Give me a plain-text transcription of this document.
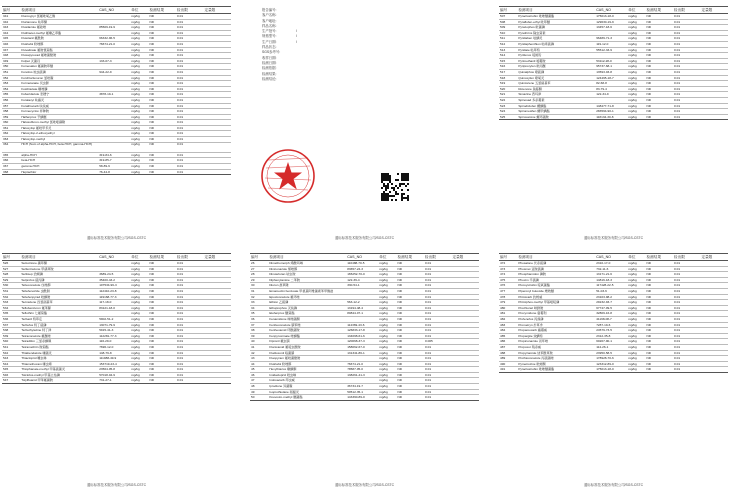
编号	检测项目	CAS_NO	单位	检测结果	检出限	定量限
341	Fluroxypyr 氯氟吡氧乙酸		mg/kg	ND	0.01	
342	Flurtamone 呋草酮		mg/kg	ND	0.01	
343	Flusilazole 氟硅唑	85509-19-9	mg/kg	ND	0.01	
344	Fluthiacet-methyl 氟噻乙草酯		mg/kg	ND	0.01	
345	Flutolanil 氟酰胺	66332-96-5	mg/kg	ND	0.01	
346	Flutriafol 粉唑醇	76674-21-0	mg/kg	ND	0.01	
347	Fluvalinate 氟胺氰菊酯		mg/kg	ND	0.01	
348	Fluxapyroxad 氟唑菌酰胺		mg/kg	ND	0.01	
349	Folpet 灭菌丹	133-07-3	mg/kg	ND	0.01	
350	Fomesafen 氟磺胺草醚		mg/kg	ND	0.01	
351	Fonofos 地虫硫磷	944-22-9	mg/kg	ND	0.01	
352	Forchlorfenuron 氯吡脲		mg/kg	ND	0.01	
353	Formetanate 伐虫脒		mg/kg	ND	0.01	
354	Fosthiazate 噻唑膦		mg/kg	ND	0.01	
355	Fuberidazole 麦穗宁	3878-19-1	mg/kg	ND	0.01	
356	Furalaxyl 呋霜灵		mg/kg	ND	0.01	
357	Furathiocarb 呋线威		mg/kg	ND	0.01	
358	Furmecyclox 拌种胺		mg/kg	ND	0.01	
359	Halfenprox 苄螨醚		mg/kg	ND	0.01	
360	Halosulfuron-methyl 氯吡嘧磺隆		mg/kg	ND	0.01	
361	Haloxyfop 氟吡甲禾灵		mg/kg	ND	0.01	
362	Haloxyfop-2-ethoxyethyl		mg/kg	ND	0.01	
363	Haloxyfop-methyl		mg/kg	ND	0.01	
364	HCH (Sum of alpha-HCH, beta-HCH, gamma-HCH)		mg/kg	ND	0.01	
365	alpha-HCH	319-84-6	mg/kg	ND	0.01	
366	beta-HCH	319-85-7	mg/kg	ND	0.01	
367	gamma-HCH	58-89-9	mg/kg	ND	0.01	
368	Heptachlor	76-44-8	mg/kg	ND	0.01	
通标标准技术服务有限公司/SGS-CSTC
报告编号:
客户名称:
客户地址:
样品名称:
生产批号:	/
规格型号:	/
生产日期:	/
样品状态:
SGS参考号:
收样日期:
检测日期:
检测依据:
检测结果:
检测结论:
通标标准技术服务有限公司/SGS-CSTC
编号	检测项目	CAS_NO	单位	检测结果	检出限	定量限
507	Pyraclostrobin 吡唑醚菌酯	175013-18-0	mg/kg	ND	0.01	
508	Pyraflufen-ethyl 吡草醚	129630-19-9	mg/kg	ND	0.01	
509	Pyrazophos 吡菌磷	13457-18-6	mg/kg	ND	0.01	
510	Pyrethrins 除虫菊素		mg/kg	ND	0.01	
511	Pyridaben 哒螨灵	96489-71-3	mg/kg	ND	0.01	
512	Pyridaphenthion 哒嗪硫磷	119-12-0	mg/kg	ND	0.01	
513	Pyridate 哒草特	55512-33-9	mg/kg	ND	0.01	
514	Pyrifenox 啶斑肟		mg/kg	ND	0.01	
515	Pyrimethanil 嘧霉胺	53112-28-0	mg/kg	ND	0.01	
516	Pyriproxyfen 吡丙醚	95737-68-1	mg/kg	ND	0.01	
517	Quinalphos 喹硫磷	13593-03-8	mg/kg	ND	0.01	
518	Quinoxyfen 喹氧灵	124495-18-7	mg/kg	ND	0.01	
519	Quintozene 五氯硝基苯	82-68-8	mg/kg	ND	0.01	
520	Rotenone 鱼藤酮	83-79-4	mg/kg	ND	0.01	
521	Simazine 西玛津	122-34-9	mg/kg	ND	0.01	
522	Spinosad 多杀霉素		mg/kg	ND	0.01	
523	Spirodiclofen 螺螨酯	148477-71-8	mg/kg	ND	0.01	
524	Spiromesifen 螺甲螨酯	283594-90-1	mg/kg	ND	0.01	
525	Spiroxamine 螺环菌胺	118134-30-8	mg/kg	ND	0.01	
通标标准技术服务有限公司/SGS-CSTC
编号	检测项目	CAS_NO	单位	检测结果	检出限	定量限
526	Sulcotrione 磺草酮		mg/kg	ND	0.01	
527	Sulfentrazone 甲磺草胺		mg/kg	ND	0.01	
528	Sulfotep 治螟磷	3689-24-5	mg/kg	ND	0.01	
529	Sulprofos 硫丙磷	35400-43-2	mg/kg	ND	0.01	
530	Tebuconazole 戊唑醇	107534-96-3	mg/kg	ND	0.01	
531	Tebufenozide 虫酰肼	112410-23-8	mg/kg	ND	0.01	
532	Tebufenpyrad 吡螨胺	119168-77-3	mg/kg	ND	0.01	
533	Tecnazene 四氯硝基苯	117-18-0	mg/kg	ND	0.01	
534	Teflubenzuron 氟苯脲	83121-18-0	mg/kg	ND	0.01	
535	Tefluthrin 七氟菊酯		mg/kg	ND	0.01	
536	Terbacil 特草定	5902-51-2	mg/kg	ND	0.01	
537	Terbufos 特丁硫磷	13071-79-9	mg/kg	ND	0.01	
538	Terbuthylazine 特丁津	5915-41-3	mg/kg	ND	0.01	
539	Tetraconazole 氟醚唑	112281-77-3	mg/kg	ND	0.01	
540	Tetradifon 三氯杀螨砜	116-29-0	mg/kg	ND	0.01	
541	Tetramethrin 胺菊酯	7696-12-0	mg/kg	ND	0.01	
542	Thiabendazole 噻菌灵	148-79-8	mg/kg	ND	0.01	
543	Thiacloprid 噻虫啉	111988-49-9	mg/kg	ND	0.01	
544	Thiamethoxam 噻虫嗪	153719-23-4	mg/kg	ND	0.01	
545	Thiophanate-methyl 甲基硫菌灵	23564-05-8	mg/kg	ND	0.01	
546	Tolclofos-methyl 甲基立枯磷	57018-04-9	mg/kg	ND	0.01	
547	Tolylfluanid 甲苯氟磺胺	731-27-1	mg/kg	ND	0.01	
通标标准技术服务有限公司/SGS-CSTC
编号	检测项目	CAS_NO	单位	检测结果	检出限	定量限
26	Dimethomorph 烯酰吗啉	110488-70-5	mg/kg	ND	0.01	
27	Diniconazole 烯唑醇	83657-24-3	mg/kg	ND	0.01	
28	Dinotefuran 呋虫胺	165252-70-0	mg/kg	ND	0.01	
29	Diphenylamine 二苯胺	122-39-4	mg/kg	ND	0.01	
30	Diuron 敌草隆	330-54-1	mg/kg	ND	0.01	
31	Emamectin benzoate 甲氨基阿维菌素苯甲酸盐		mg/kg	ND	0.01	
32	Epoxiconazole 氟环唑		mg/kg	ND	0.01	
33	Ethion 乙硫磷	563-12-2	mg/kg	ND	0.01	
34	Ethoprophos 灭线磷	13194-48-4	mg/kg	ND	0.01	
35	Etofenprox 醚菊酯	80844-07-1	mg/kg	ND	0.01	
36	Fenamidone 咪唑菌酮		mg/kg	ND	0.01	
37	Fenbuconazole 腈苯唑	114369-43-6	mg/kg	ND	0.01	
38	Fenhexamid 环酰菌胺	126833-17-8	mg/kg	ND	0.01	
39	Fenpyroximate 唑螨酯	134098-61-6	mg/kg	ND	0.01	
40	Fipronil 氟虫腈	120068-37-3	mg/kg	ND	0.005	
41	Flonicamid 氟啶虫酰胺	158062-67-0	mg/kg	ND	0.01	
42	Fludioxonil 咯菌腈	131341-86-1	mg/kg	ND	0.01	
43	Fluopyram 氟吡菌酰胺		mg/kg	ND	0.01	
44	Flutriafol 粉唑醇	76674-21-0	mg/kg	ND	0.01	
45	Hexythiazox 噻螨酮	78587-05-0	mg/kg	ND	0.01	
46	Imidacloprid 吡虫啉	138261-41-3	mg/kg	ND	0.01	
47	Indoxacarb 茚虫威		mg/kg	ND	0.01	
48	Iprodione 异菌脲	36734-19-7	mg/kg	ND	0.01	
49	Isoprothiolane 稻瘟灵	50512-35-1	mg/kg	ND	0.01	
50	Kresoxim-methyl 醚菌酯	143390-89-0	mg/kg	ND	0.01	
通标标准技术服务有限公司/SGS-CSTC
编号	检测项目	CAS_NO	单位	检测结果	检出限	定量限
472	Phosalone 伏杀硫磷	2310-17-0	mg/kg	ND	0.01	
473	Phosmet 亚胺硫磷	732-11-6	mg/kg	ND	0.01	
474	Phosphamidon 磷胺	13171-21-6	mg/kg	ND	0.01	
475	Phoxim 辛硫磷	14816-18-3	mg/kg	ND	0.01	
476	Picoxystrobin 啶氧菌酯	117428-22-5	mg/kg	ND	0.01	
477	Piperonyl butoxide 增效醚	51-03-6	mg/kg	ND	0.01	
478	Pirimicarb 抗蚜威	23103-98-2	mg/kg	ND	0.01	
479	Pirimiphos-methyl 甲基嘧啶磷	29232-93-7	mg/kg	ND	0.01	
480	Prochloraz 咪鲜胺	67747-09-5	mg/kg	ND	0.01	
481	Procymidone 腐霉利	32809-16-8	mg/kg	ND	0.01	
482	Profenofos 丙溴磷	41198-08-7	mg/kg	ND	0.01	
483	Prometryn 扑草净	7287-19-6	mg/kg	ND	0.01	
484	Propamocarb 霜霉威	24579-73-5	mg/kg	ND	0.01	
485	Propargite 炔螨特	2312-35-8	mg/kg	ND	0.01	
486	Propiconazole 丙环唑	60207-90-1	mg/kg	ND	0.01	
487	Propoxur 残杀威	114-26-1	mg/kg	ND	0.01	
488	Propyzamide 炔苯酰草胺	23950-58-5	mg/kg	ND	0.01	
489	Prothioconazole 丙硫菌唑	178928-70-6	mg/kg	ND	0.01	
490	Pymetrozine 吡蚜酮	123312-89-0	mg/kg	ND	0.01	
491	Pyraclostrobin 吡唑醚菌酯	175013-18-0	mg/kg	ND	0.01	
通标标准技术服务有限公司/SGS-CSTC
